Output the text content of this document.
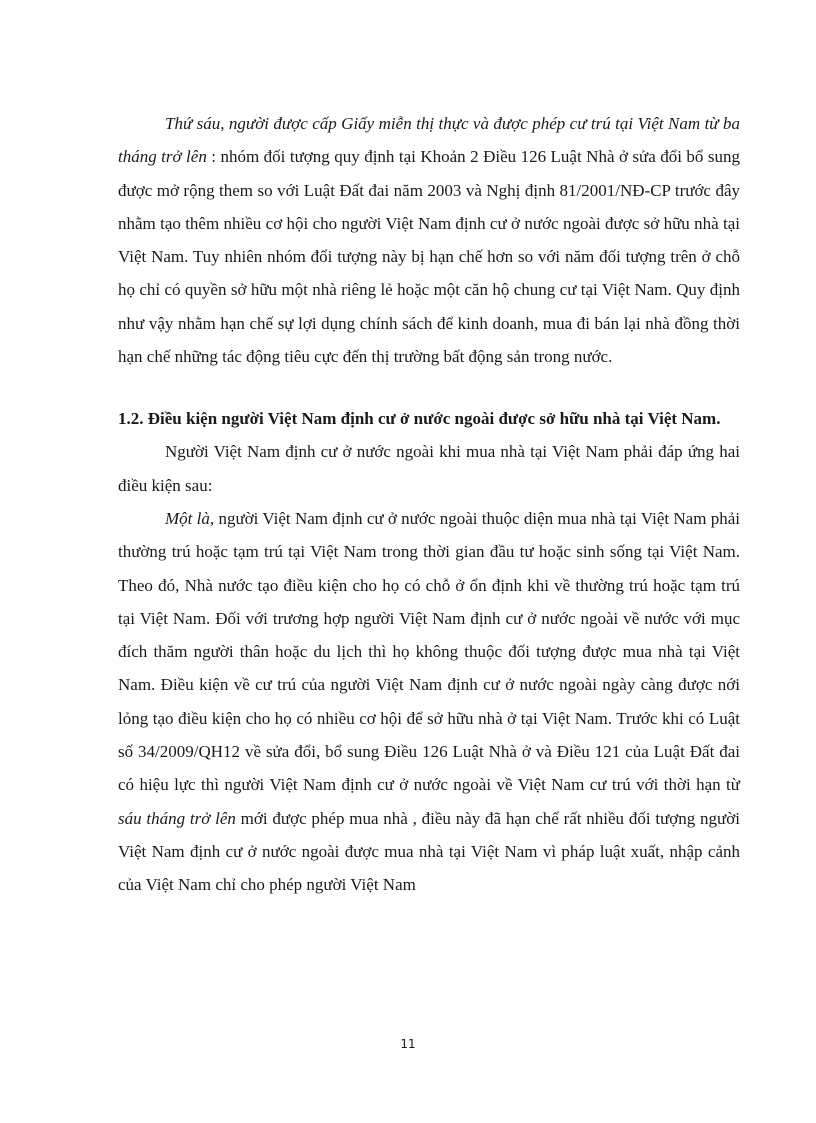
Thứ sáu, người được cấp Giấy miễn thị thực và được phép cư trú tại Việt Nam từ ba tháng trở lên : nhóm đối tượng quy định tại Khoản 2 Điều 126 Luật Nhà ở sửa đổi bổ sung được mở rộng them so với Luật Đất đai năm 2003 và Nghị định 81/2001/NĐ-CP trước đây nhằm tạo thêm nhiều cơ hội cho người Việt Nam định cư ở nước ngoài được sở hữu nhà tại Việt Nam. Tuy nhiên nhóm đối tượng này bị hạn chế hơn so với năm đối tượng trên ở chỗ họ chỉ có quyền sở hữu một nhà riêng lẻ hoặc một căn hộ chung cư tại Việt Nam. Quy định như vậy nhằm hạn chế sự lợi dụng chính sách để kinh doanh, mua đi bán lại nhà đồng thời hạn chế những tác động tiêu cực đến thị trường bất động sản trong nước.

1.2. Điều kiện người Việt Nam định cư ở nước ngoài được sở hữu nhà tại Việt Nam.

Người Việt Nam định cư ở nước ngoài khi mua nhà tại Việt Nam phải đáp ứng hai điều kiện sau:

Một là, người Việt Nam định cư ở nước ngoài thuộc diện mua nhà tại Việt Nam phải thường trú hoặc tạm trú tại Việt Nam trong thời gian đầu tư hoặc sinh sống tại Việt Nam. Theo đó, Nhà nước tạo điều kiện cho họ có chỗ ở ổn định khi về thường trú hoặc tạm trú tại Việt Nam. Đối với trương hợp người Việt Nam định cư ở nước ngoài về nước với mục đích thăm người thân hoặc du lịch thì họ không thuộc đối tượng được mua nhà tại Việt Nam. Điều kiện về cư trú của người Việt Nam định cư ở nước ngoài ngày càng được nới lỏng tạo điều kiện cho họ có nhiều cơ hội để sở hữu nhà ở tại Việt Nam. Trước khi có Luật số 34/2009/QH12 về sửa đổi, bổ sung Điều 126 Luật Nhà ở và Điều 121 của Luật Đất đai có hiệu lực thì người Việt Nam định cư ở nước ngoài về Việt Nam cư trú với thời hạn từ sáu tháng trở lên mới được phép mua nhà , điều này đã hạn chế rất nhiều đối tượng người Việt Nam định cư ở nước ngoài được mua nhà tại Việt Nam vì pháp luật xuất, nhập cảnh của Việt Nam chỉ cho phép người Việt Nam

11
